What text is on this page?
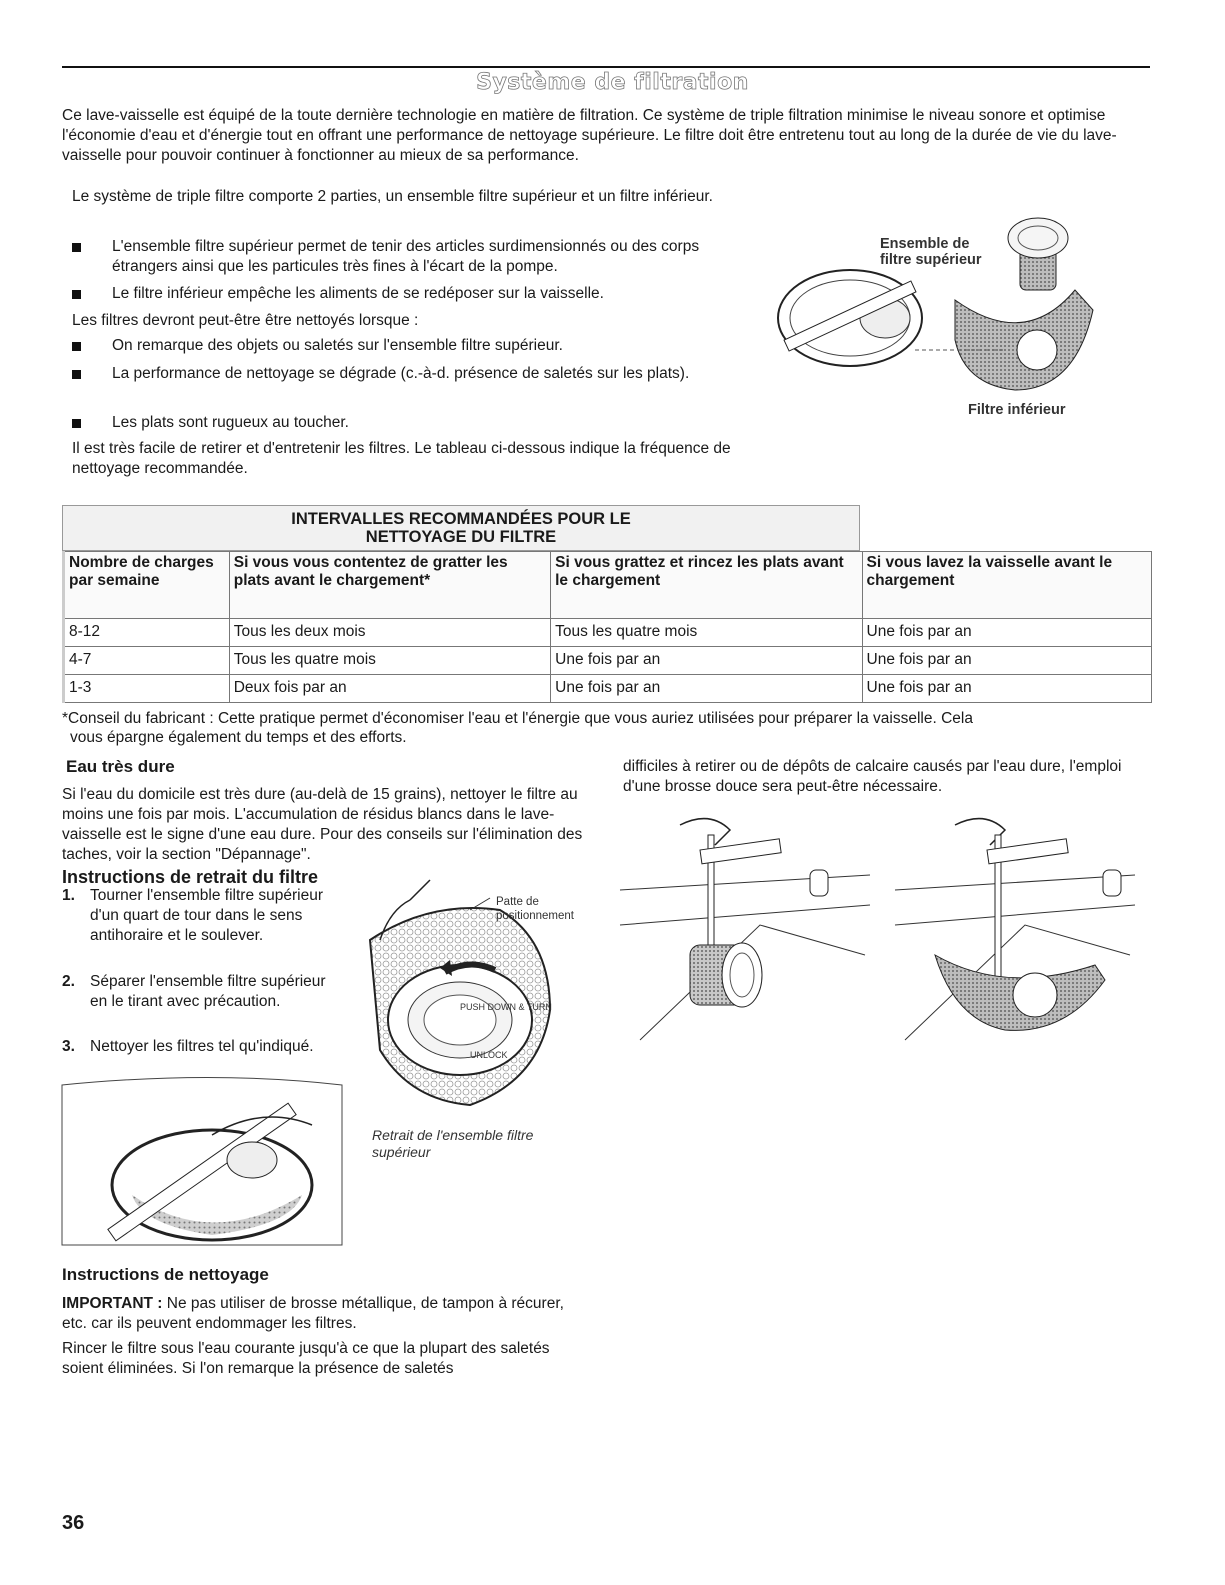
Système de filtration
Ce lave-vaisselle est équipé de la toute dernière technologie en matière de filtration. Ce système de triple filtration minimise le niveau sonore et optimise l'économie d'eau et d'énergie tout en offrant une performance de nettoyage supérieure. Le filtre doit être entretenu tout au long de la durée de vie du lave-vaisselle pour pouvoir continuer à fonctionner au mieux de sa performance.
Le système de triple filtre comporte 2 parties, un ensemble filtre supérieur et un filtre inférieur.
L'ensemble filtre supérieur permet de tenir des articles surdimensionnés ou des corps étrangers ainsi que les particules très fines à l'écart de la pompe.
Le filtre inférieur empêche les aliments de se redéposer sur la vaisselle.
Les filtres devront peut-être être nettoyés lorsque :
On remarque des objets ou saletés sur l'ensemble filtre supérieur.
La performance de nettoyage se dégrade (c.-à-d. présence de saletés sur les plats).
Les plats sont rugueux au toucher.
Il est très facile de retirer et d'entretenir les filtres. Le tableau ci-dessous indique la fréquence de nettoyage recommandée.
Ensemble de
filtre supérieur
Filtre inférieur
INTERVALLES RECOMMANDÉES POUR LE
NETTOYAGE DU FILTRE
Nombre de charges par semaine	Si vous vous contentez de gratter les plats avant le chargement*	Si vous grattez et rincez les plats avant le chargement	Si vous lavez la vaisselle avant le chargement
8-12	Tous les deux mois	Tous les quatre mois	Une fois par an
4-7	Tous les quatre mois	Une fois par an	Une fois par an
1-3	Deux fois par an	Une fois par an	Une fois par an
*Conseil du fabricant : Cette pratique permet d'économiser l'eau et l'énergie que vous auriez utilisées pour préparer la vaisselle. Cela
vous épargne également du temps et des efforts.
Eau très dure
Si l'eau du domicile est très dure (au-delà de 15 grains), nettoyer le filtre au moins une fois par mois. L'accumulation de résidus blancs dans le lave-vaisselle est le signe d'une eau dure. Pour des conseils sur l'élimination des taches, voir la section "Dépannage".
Instructions de retrait du filtre
1. Tourner l'ensemble filtre supérieur d'un quart de tour dans le sens antihoraire et le soulever.
2. Séparer l'ensemble filtre supérieur en le tirant avec précaution.
3. Nettoyer les filtres tel qu'indiqué.
Patte de positionnement
PUSH DOWN & TURN
UNLOCK
Retrait de l'ensemble filtre supérieur
Instructions de nettoyage
IMPORTANT : Ne pas utiliser de brosse métallique, de tampon à récurer, etc. car ils peuvent endommager les filtres.
Rincer le filtre sous l'eau courante jusqu'à ce que la plupart des saletés soient éliminées. Si l'on remarque la présence de saletés
difficiles à retirer ou de dépôts de calcaire causés par l'eau dure, l'emploi d'une brosse douce sera peut-être nécessaire.
36
